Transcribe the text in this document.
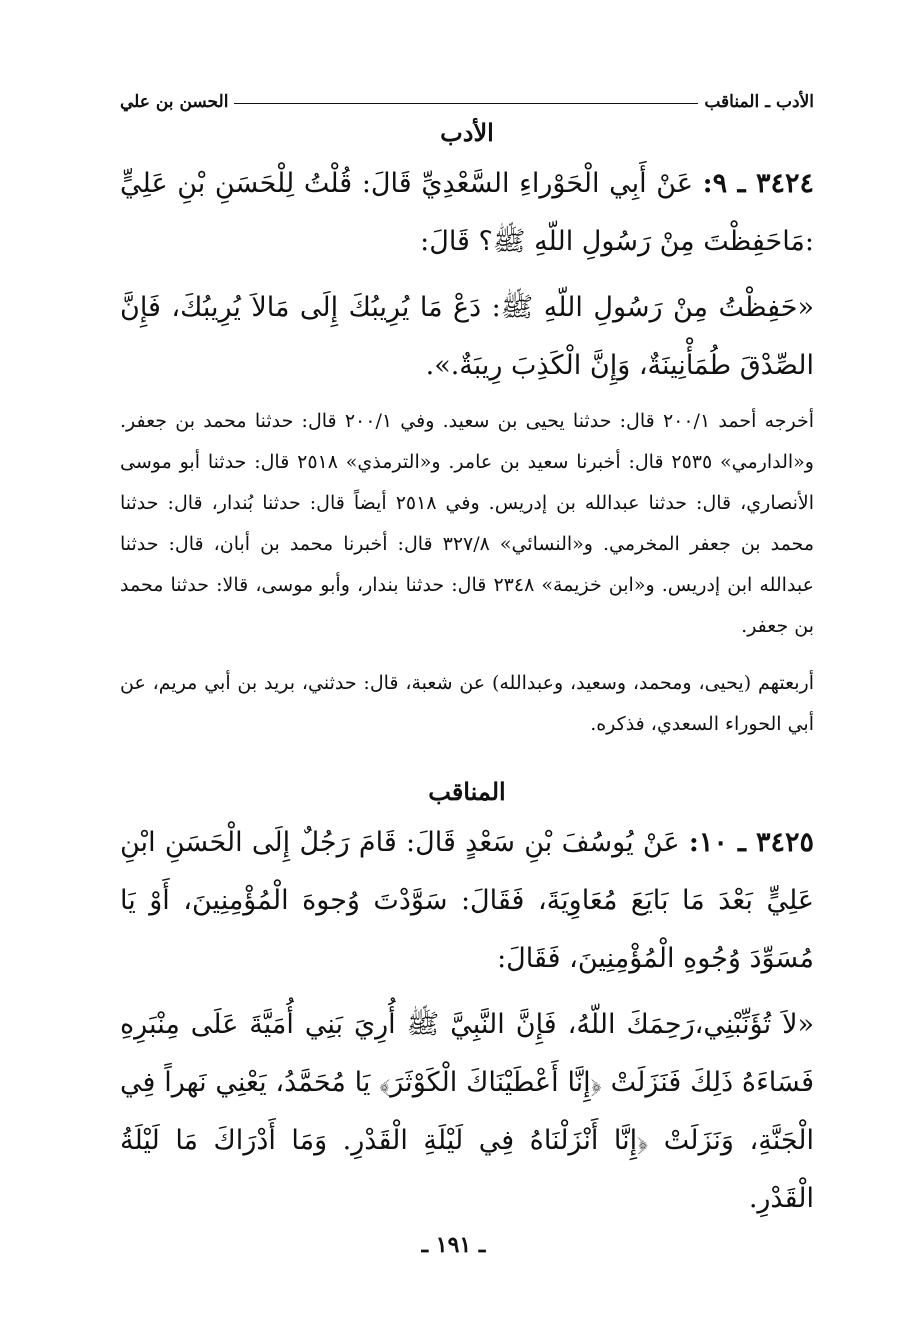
الأدب ـ المناقب
الحسن بن علي
الأدب

٣٤٢٤ ـ ٩: عَنْ أَبِي الْحَوْراءِ السَّعْدِيِّ قَالَ: قُلْتُ لِلْحَسَنِ بْنِ عَلِيٍّ :مَاحَفِظْتَ مِنْ رَسُولِ اللّهِ ﷺ؟ قَالَ:

«حَفِظْتُ مِنْ رَسُولِ اللّهِ ﷺ: دَعْ مَا يُرِيبُكَ إِلَى مَالاَ يُرِيبُكَ، فَإِنَّ الصِّدْقَ طُمَأْنِينَةٌ، وَإِنَّ الْكَذِبَ رِيبَةٌ.».

أخرجه أحمد ٢٠٠/١ قال: حدثنا يحيى بن سعيد. وفي ٢٠٠/١ قال: حدثنا محمد بن جعفر. و«الدارمي» ٢٥٣٥ قال: أخبرنا سعيد بن عامر. و«الترمذي» ٢٥١٨ قال: حدثنا أبو موسى الأنصاري، قال: حدثنا عبدالله بن إدريس. وفي ٢٥١٨ أيضاً قال: حدثنا بُندار، قال: حدثنا محمد بن جعفر المخرمي. و«النسائي» ٣٢٧/٨ قال: أخبرنا محمد بن أبان، قال: حدثنا عبدالله ابن إدريس. و«ابن خزيمة» ٢٣٤٨ قال: حدثنا بندار، وأبو موسى، قالا: حدثنا محمد بن جعفر.

أربعتهم (يحيى، ومحمد، وسعيد، وعبدالله) عن شعبة، قال: حدثني، بريد بن أبي مريم، عن أبي الحوراء السعدي، فذكره.

المناقب

٣٤٢٥ ـ ١٠: عَنْ يُوسُفَ بْنِ سَعْدٍ قَالَ: قَامَ رَجُلٌ إِلَى الْحَسَنِ ابْنِ عَلِيٍّ بَعْدَ مَا بَايَعَ مُعَاوِيَةَ، فَقَالَ: سَوَّدْتَ وُجوهَ الْمُؤْمِنِينَ، أَوْ يَا مُسَوِّدَ وُجُوهِ الْمُؤْمِنِينَ، فَقَالَ:

«لاَ تُؤَنِّبْنِي،رَحِمَكَ اللّهُ، فَإِنَّ النَّبِيَّ ﷺ أُرِيَ بَنِي أُمَيَّةَ عَلَى مِنْبَرِهِ فَسَاءَهُ ذَلِكَ فَنَزَلَتْ ﴿إِنَّا أَعْطَيْنَاكَ الْكَوْثَرَ﴾ يَا مُحَمَّدُ، يَعْنِي نَهراً فِي الْجَنَّةِ، وَنَزَلَتْ ﴿إِنَّا أَنْزَلْنَاهُ فِي لَيْلَةِ الْقَدْرِ. وَمَا أَدْرَاكَ مَا لَيْلَةُ الْقَدْرِ.

ـ ١٩١ ـ
